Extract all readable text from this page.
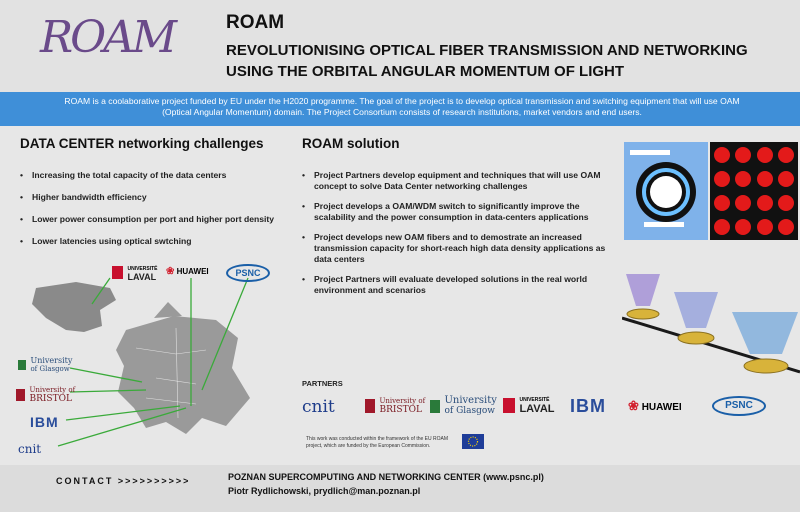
ROAM	ROAM
REVOLUTIONISING OPTICAL FIBER TRANSMISSION AND NETWORKING
USING THE ORBITAL ANGULAR MOMENTUM OF LIGHT
ROAM is a coolaborative project funded by EU under the H2020 programme. The goal of the project is to develop optical transmission and switching equipment that will use OAM
(Optical Angular Momentum) domain. The Project Consortium consists of research institutions, market vendors and end users.
DATA CENTER networking challenges
• Increasing the total capacity of the data centers
• Higher bandwidth efficiency
• Lower power consumption per port and higher port density
• Lower latencies using optical swtching

UNIVERSITÉ
LAVAL ❀ HUAWEI	PSNC

University
of Glasgow

University of
BRISTOL
IBM
cnit
ROAM solution
• Project Partners develop equipment and techniques that will use OAM concept to solve Data Center networking challenges
• Project develops a OAM/WDM switch to significantly improve the scalability and the power consumption in data-centers applications
• Project develops new OAM fibers and to demostrate an increased transmission capacity for short-reach high data density applications as data centers
• Project Partners will evaluate developed solutions in the real world environment and scenarios
PARTNERS
cnit
	University of
BRISTOL

University
of Glasgow

UNIVERSITÉ
LAVAL IBM ❀ HUAWEI	PSNC
This work was conducted within the framework of the EU ROAM
project, which are funded by the European Commission.
CONTACT >>>>>>>>>>	POZNAN SUPERCOMPUTING AND NETWORKING CENTER (www.psnc.pl)
Piotr Rydlichowski, prydlich@man.poznan.pl
